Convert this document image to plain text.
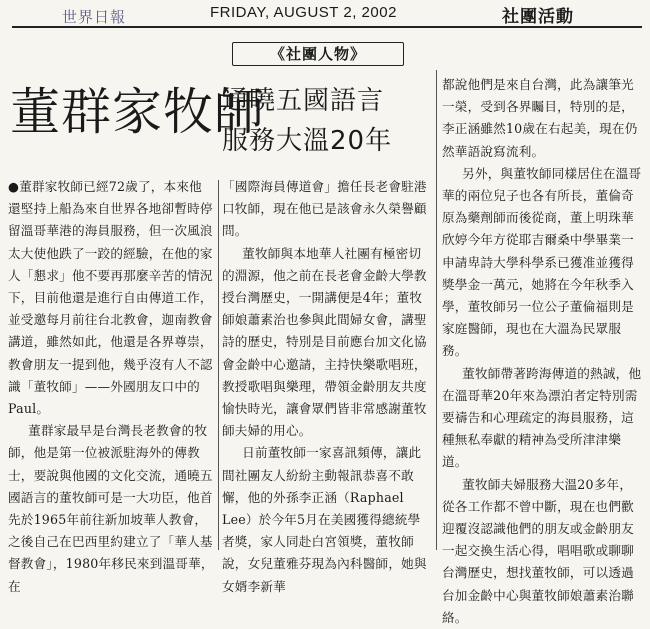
世界日報	FRIDAY, AUGUST 2, 2002	社團活動
《社團人物》
董群家牧師
通曉五國語言
服務大溫20年

●董群家牧師已經72歲了，本來他還堅持上船為來自世界各地卻暫時停留溫哥華港的海員服務，但一次風浪太大使他跌了一跤的經驗，在他的家人「懇求」他不要再那麼辛苦的情況下，目前他還是進行自由傳道工作，並受邀每月前往台北教會，迦南教會講道，雖然如此，他還是各界尊崇，教會朋友一提到他，幾乎沒有人不認識「董牧師」——外國朋友口中的Paul。

董群家最早是台灣長老教會的牧師，他是第一位被派駐海外的傳教士，要說與他國的文化交流，通曉五國語言的董牧師可是一大功臣，他首先於1965年前往新加坡華人教會，之後自己在巴西里約建立了「華人基督教會」，1980年移民來到溫哥華，在

「國際海員傳道會」擔任長老會駐港口牧師，現在他已是該會永久榮譽顧問。

董牧師與本地華人社團有極密切的淵源，他之前在長老會金齡大學教授台灣歷史，一開講便是4年；董牧師娘蕭素治也參與此間婦女會，講聖詩的歷史，特別是目前應台加文化協會金齡中心邀請，主持快樂歌唱班，教授歌唱與樂理，帶領金齡朋友共度愉快時光，讓會眾們皆非常感謝董牧師夫婦的用心。

日前董牧師一家喜訊頻傳，讓此間社團友人紛紛主動報訊恭喜不敢懈，他的外孫李正涵（Raphael Lee）於今年5月在美國獲得總統學者獎，家人同赴白宮領獎，董牧師說，女兒董雅芬現為內科醫師，她與女婿李新華

都說他們是來自台灣，此為讓筆光一榮，受到各界矚目，特別的是，李正涵雖然10歲在右起美，現在仍然華語說寫流利。

另外，與董牧師同樣居住在溫哥華的兩位兒子也各有所長，董倫奇原為藥劑師而後從商，董上明珠華欣婷今年方從耶吉爾桑中學畢業一申請卑詩大學科學系已獲准並獲得獎學金一萬元，她將在今年秋季入學，董牧師另一位公子董倫福則是家庭醫師，現也在大溫為民眾服務。

董牧師帶著跨海傳道的熱誠，他在溫哥華20年來為漂泊者定特別需要禱告和心理疏定的海員服務，這種無私奉獻的精神為受所津津樂道。

董牧師夫婦服務大溫20多年，從各工作都不曾中斷，現在也們歡迎覆沒認識他們的朋友或金齡朋友一起交換生活心得，唱唱歌或聊聊台灣歷史，想找董牧師，可以透過台加金齡中心與董牧師娘蕭素治聯絡。
